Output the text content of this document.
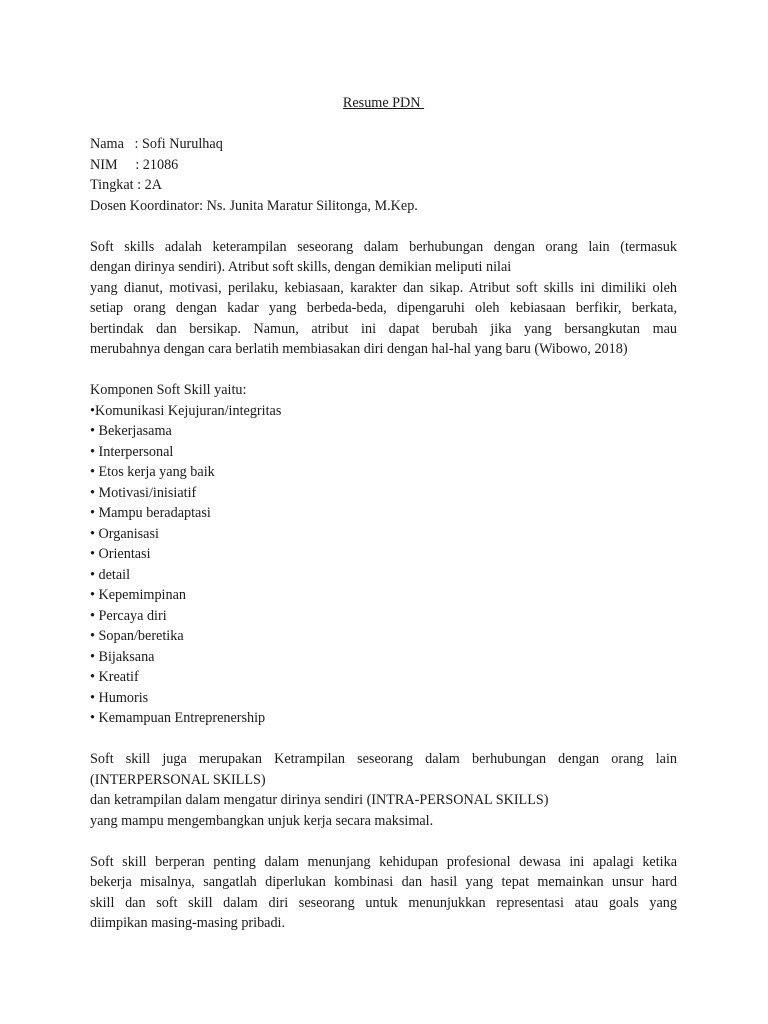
Resume PDN
Nama   : Sofi Nurulhaq
NIM     : 21086
Tingkat : 2A
Dosen Koordinator: Ns. Junita Maratur Silitonga, M.Kep.
Soft skills adalah keterampilan seseorang dalam berhubungan dengan orang lain (termasuk
dengan dirinya sendiri). Atribut soft skills, dengan demikian meliputi nilai
yang dianut, motivasi, perilaku, kebiasaan, karakter dan sikap. Atribut soft skills ini dimiliki oleh
setiap orang dengan kadar yang berbeda-beda, dipengaruhi oleh kebiasaan berfikir, berkata,
bertindak dan bersikap. Namun, atribut ini dapat berubah jika yang bersangkutan mau
merubahnya dengan cara berlatih membiasakan diri dengan hal-hal yang baru (Wibowo, 2018)
Komponen Soft Skill yaitu:
•Komunikasi Kejujuran/integritas
• Bekerjasama
• Interpersonal
• Etos kerja yang baik
• Motivasi/inisiatif
• Mampu beradaptasi
• Organisasi
• Orientasi
• detail
• Kepemimpinan
• Percaya diri
• Sopan/beretika
• Bijaksana
• Kreatif
• Humoris
• Kemampuan Entreprenership
Soft skill juga merupakan Ketrampilan seseorang dalam berhubungan dengan orang lain
(INTERPERSONAL SKILLS)
dan ketrampilan dalam mengatur dirinya sendiri (INTRA-PERSONAL SKILLS)
yang mampu mengembangkan unjuk kerja secara maksimal.
Soft skill berperan penting dalam menunjang kehidupan profesional dewasa ini apalagi ketika
bekerja misalnya, sangatlah diperlukan kombinasi dan hasil yang tepat memainkan unsur hard
skill dan soft skill dalam diri seseorang untuk menunjukkan representasi atau goals yang
diimpikan masing-masing pribadi.
